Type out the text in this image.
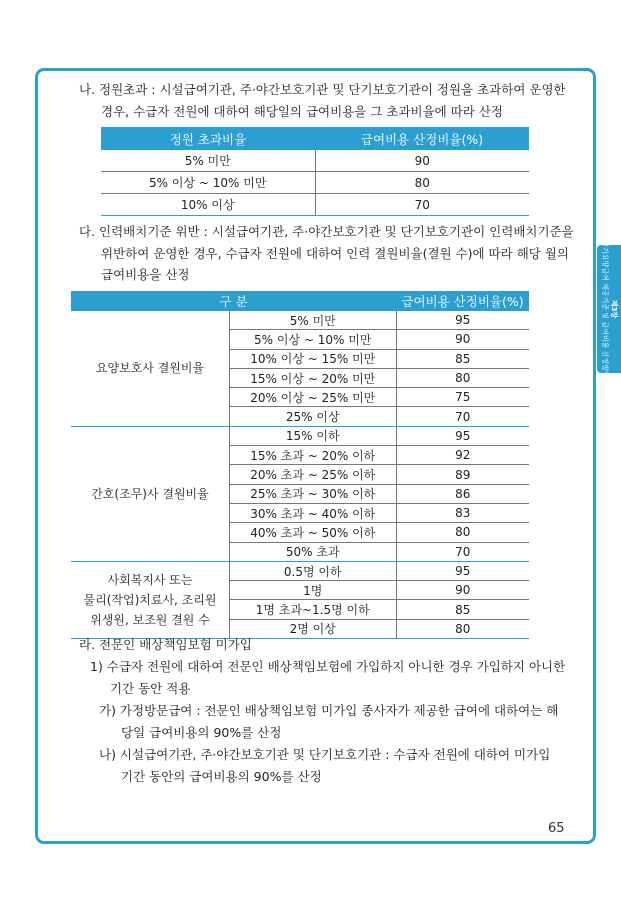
제3장
장기요양급여 제공기준 및 급여비용 산정방법
나. 정원초과 : 시설급여기관, 주·야간보호기관 및 단기보호기관이 정원을 초과하여 운영한
경우, 수급자 전원에 대하여 해당일의 급여비용을 그 초과비율에 따라 산정
정원 초과비율	급여비용 산정비율(%)
5% 미만	90
5% 이상 ~ 10% 미만	80
10% 이상	70
다. 인력배치기준 위반 : 시설급여기관, 주·야간보호기관 및 단기보호기관이 인력배치기준을
위반하여 운영한 경우, 수급자 전원에 대하여 인력 결원비율(결원 수)에 따라 해당 월의
급여비용을 산정
구 분		급여비용 산정비율(%)
요양보호사 결원비율	5% 미만	95
	5% 이상 ~ 10% 미만	90
	10% 이상 ~ 15% 미만	85
	15% 이상 ~ 20% 미만	80
	20% 이상 ~ 25% 미만	75
	25% 이상	70
간호(조무)사 결원비율	15% 이하	95
	15% 초과 ~ 20% 이하	92
	20% 초과 ~ 25% 이하	89
	25% 초과 ~ 30% 이하	86
	30% 초과 ~ 40% 이하	83
	40% 초과 ~ 50% 이하	80
	50% 초과	70

사회복지사 또는
물리(작업)치료사, 조리원
위생원, 보조원 결원 수	0.5명 이하	95
	1명	90
	1명 초과~1.5명 이하	85
	2명 이상	80
라. 전문인 배상책임보험 미가입
1) 수급자 전원에 대하여 전문인 배상책임보험에 가입하지 아니한 경우 가입하지 아니한
기간 동안 적용
가) 가정방문급여 : 전문인 배상책임보험 미가입 종사자가 제공한 급여에 대하여는 해
당일 급여비용의 90%를 산정
나) 시설급여기관, 주·야간보호기관 및 단기보호기관 : 수급자 전원에 대하여 미가입
기간 동안의 급여비용의 90%를 산정
65
